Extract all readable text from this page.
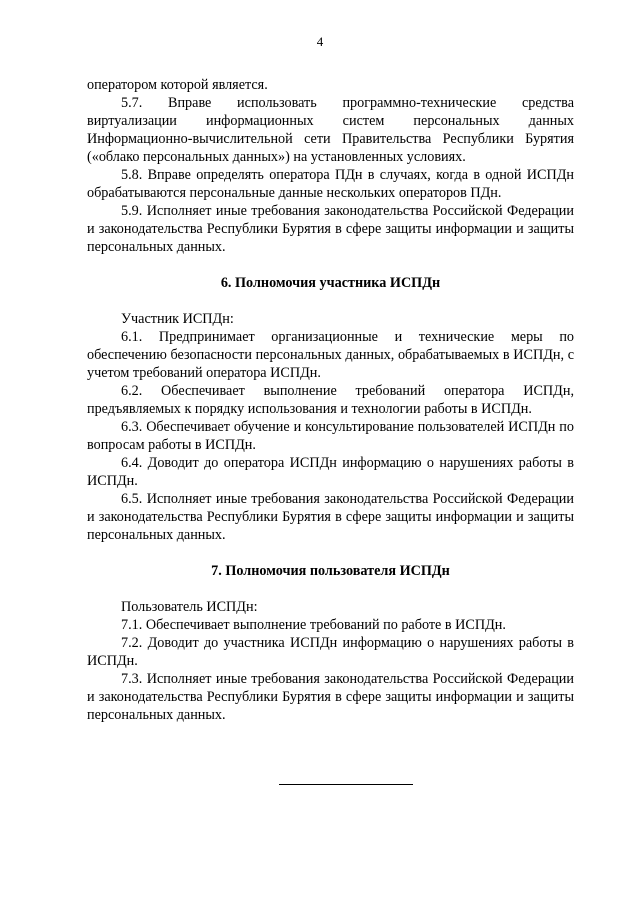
4

оператором которой является.

5.7. Вправе использовать программно-технические средства виртуализации информационных систем персональных данных Информационно-вычислительной сети Правительства Республики Бурятия («облако персональных данных») на установленных условиях.

5.8. Вправе определять оператора ПДн в случаях, когда в одной ИСПДн обрабатываются персональные данные нескольких операторов ПДн.

5.9. Исполняет иные требования законодательства Российской Федерации и законодательства Республики Бурятия в сфере защиты информации и защиты персональных данных.

6. Полномочия участника ИСПДн

Участник ИСПДн:

6.1. Предпринимает организационные и технические меры по обеспечению безопасности персональных данных, обрабатываемых в ИСПДн, с учетом требований оператора ИСПДн.

6.2. Обеспечивает выполнение требований оператора ИСПДн, предъявляемых к порядку использования и технологии работы в ИСПДн.

6.3. Обеспечивает обучение и консультирование пользователей ИСПДн по вопросам работы в ИСПДн.

6.4. Доводит до оператора ИСПДн информацию о нарушениях работы в ИСПДн.

6.5. Исполняет иные требования законодательства Российской Федерации и законодательства Республики Бурятия в сфере защиты информации и защиты персональных данных.

7. Полномочия пользователя ИСПДн

Пользователь ИСПДн:

7.1. Обеспечивает выполнение требований по работе в ИСПДн.

7.2. Доводит до участника ИСПДн информацию о нарушениях работы в ИСПДн.

7.3. Исполняет иные требования законодательства Российской Федерации и законодательства Республики Бурятия в сфере защиты информации и защиты персональных данных.
